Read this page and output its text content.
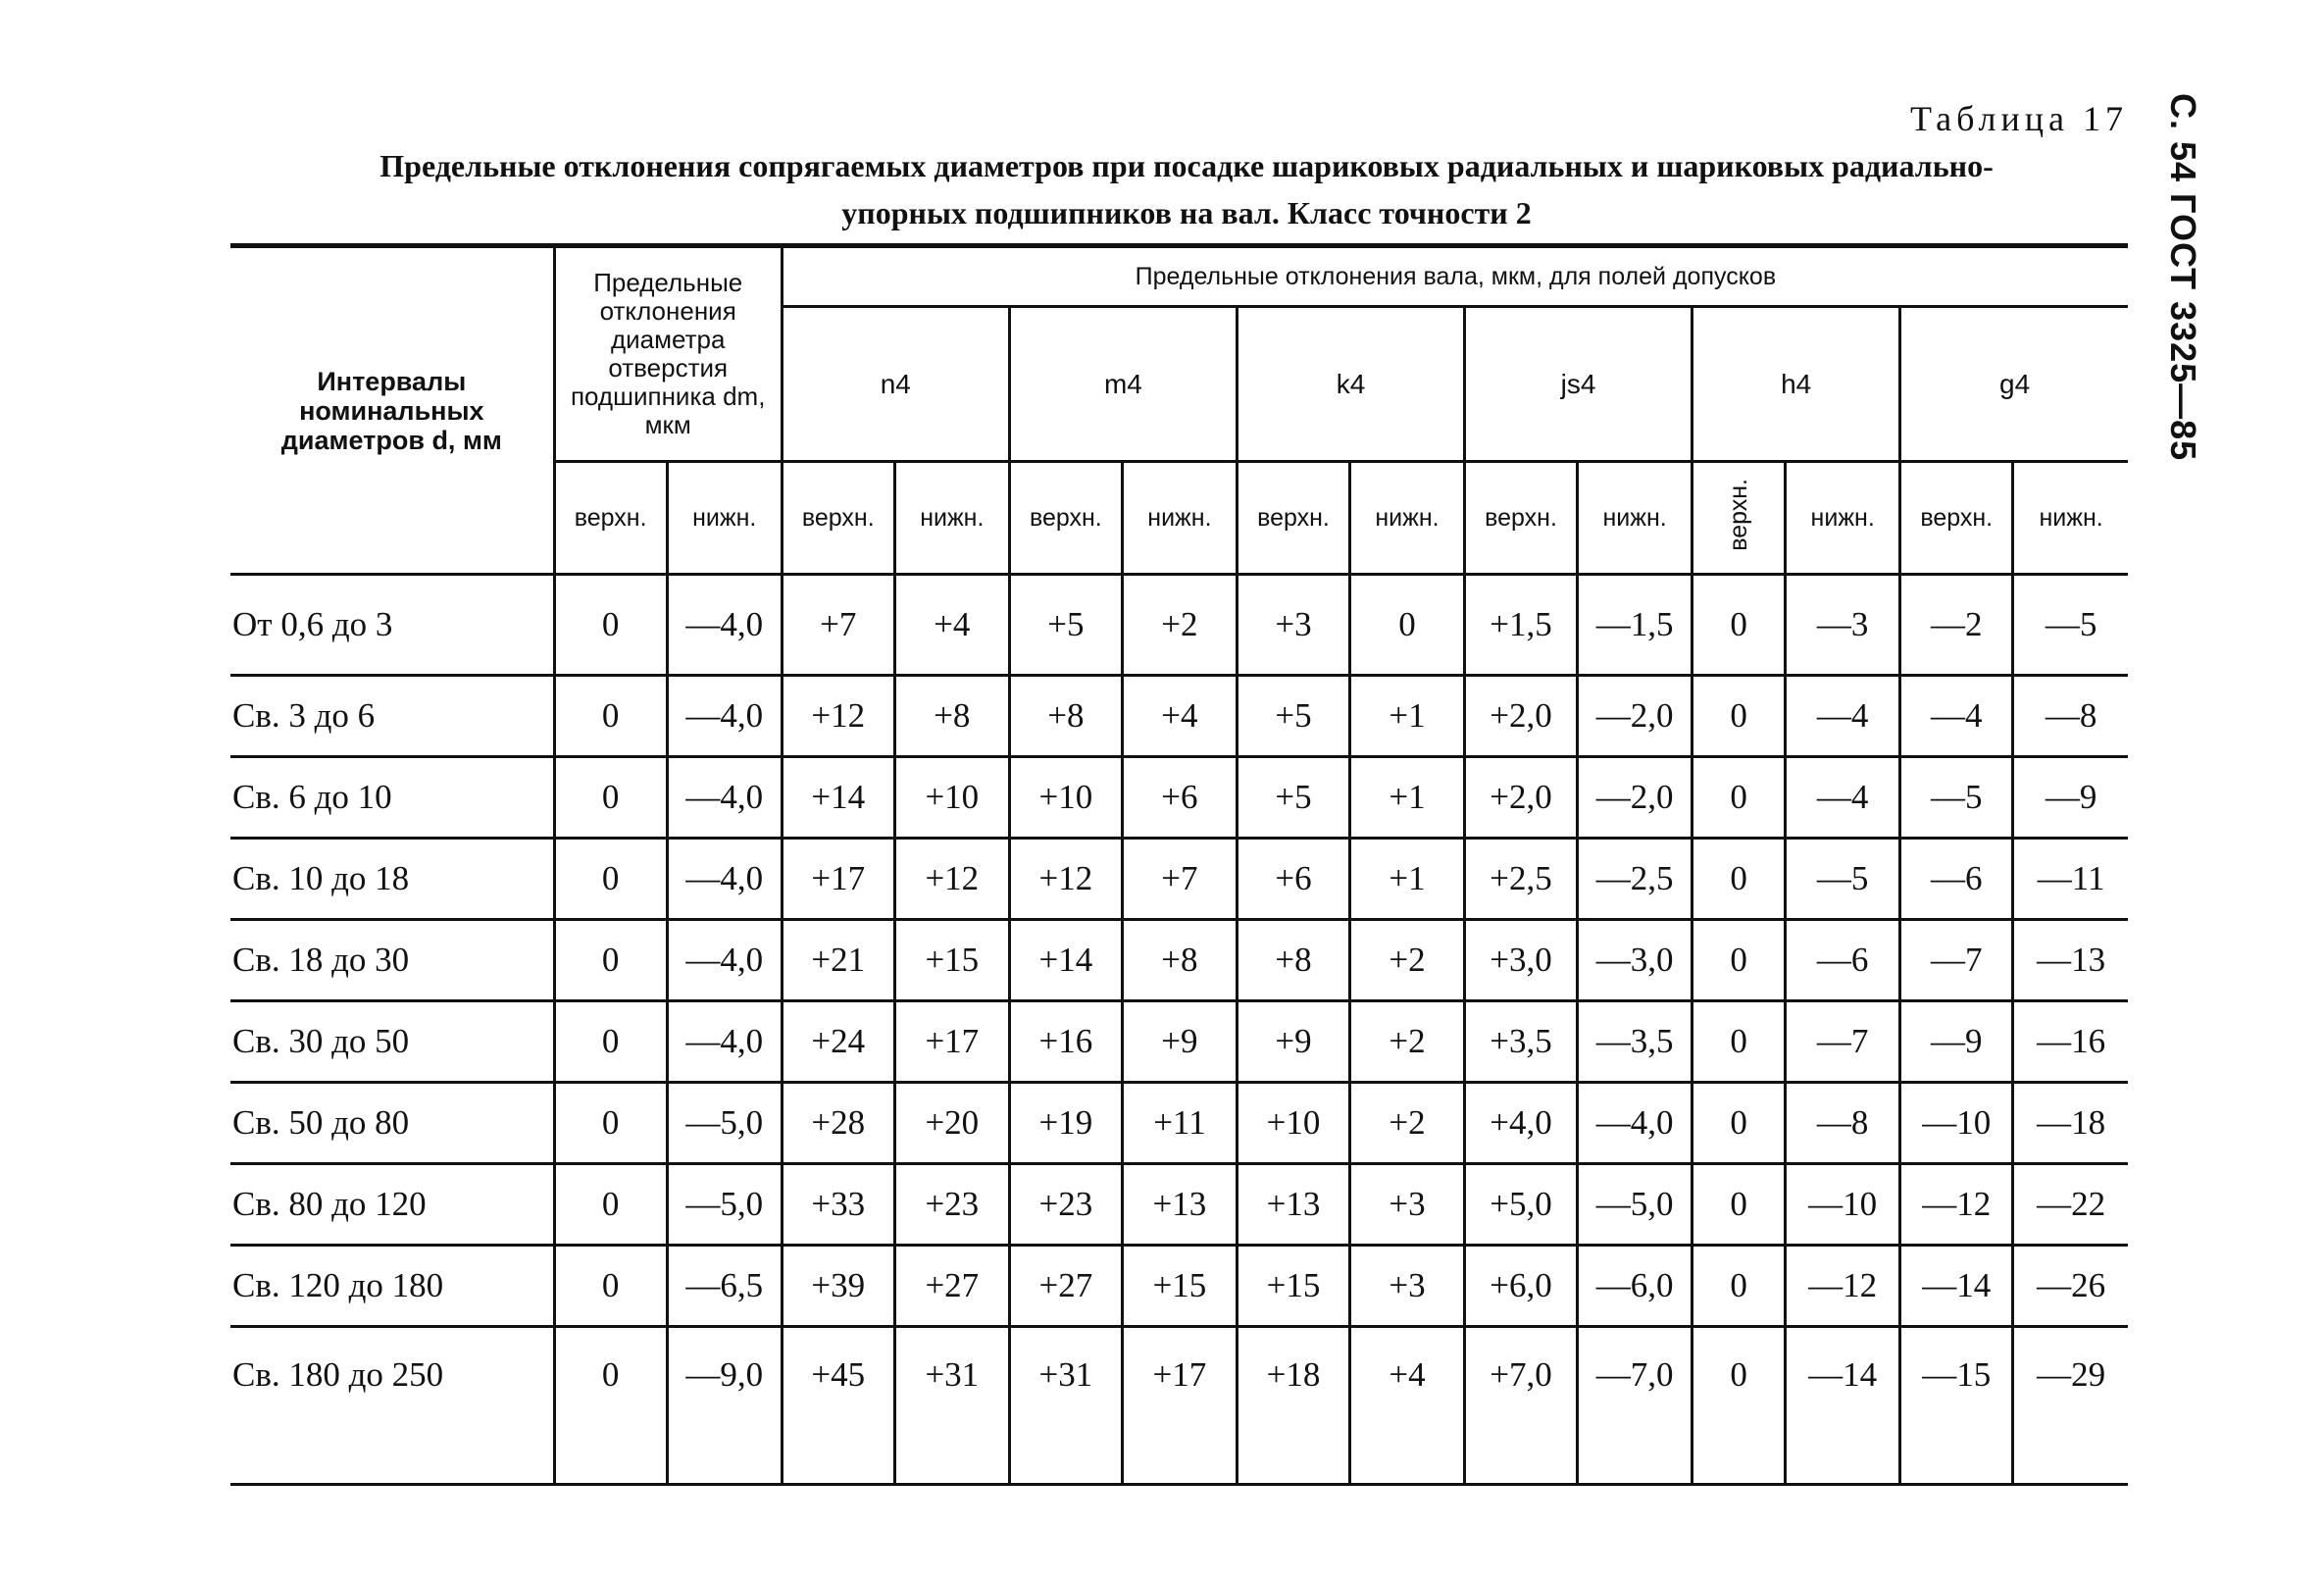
С. 54 ГОСТ 3325—85
Таблица 17
Предельные отклонения сопрягаемых диаметров при посадке шариковых радиальных и шариковых радиально-
упорных подшипников на вал. Класс точности 2
Интервалы номинальных диаметров d, мм	Предельные отклонения диаметра отверстия подшипника dm, мкм		Предельные отклонения вала, мкм, для полей допусков											
			n4		m4		k4		js4		h4		g4	
	верхн.	нижн.	верхн.	нижн.	верхн.	нижн.	верхн.	нижн.	верхн.	нижн.	верхн.	нижн.	верхн.	нижн.
От 0,6 до 3	0	—4,0	+7	+4	+5	+2	+3	0	+1,5	—1,5	0	—3	—2	—5
Св. 3 до 6	0	—4,0	+12	+8	+8	+4	+5	+1	+2,0	—2,0	0	—4	—4	—8
Св. 6 до 10	0	—4,0	+14	+10	+10	+6	+5	+1	+2,0	—2,0	0	—4	—5	—9
Св. 10 до 18	0	—4,0	+17	+12	+12	+7	+6	+1	+2,5	—2,5	0	—5	—6	—11
Св. 18 до 30	0	—4,0	+21	+15	+14	+8	+8	+2	+3,0	—3,0	0	—6	—7	—13
Св. 30 до 50	0	—4,0	+24	+17	+16	+9	+9	+2	+3,5	—3,5	0	—7	—9	—16
Св. 50 до 80	0	—5,0	+28	+20	+19	+11	+10	+2	+4,0	—4,0	0	—8	—10	—18
Св. 80 до 120	0	—5,0	+33	+23	+23	+13	+13	+3	+5,0	—5,0	0	—10	—12	—22
Св. 120 до 180	0	—6,5	+39	+27	+27	+15	+15	+3	+6,0	—6,0	0	—12	—14	—26
Св. 180 до 250	0	—9,0	+45	+31	+31	+17	+18	+4	+7,0	—7,0	0	—14	—15	—29
